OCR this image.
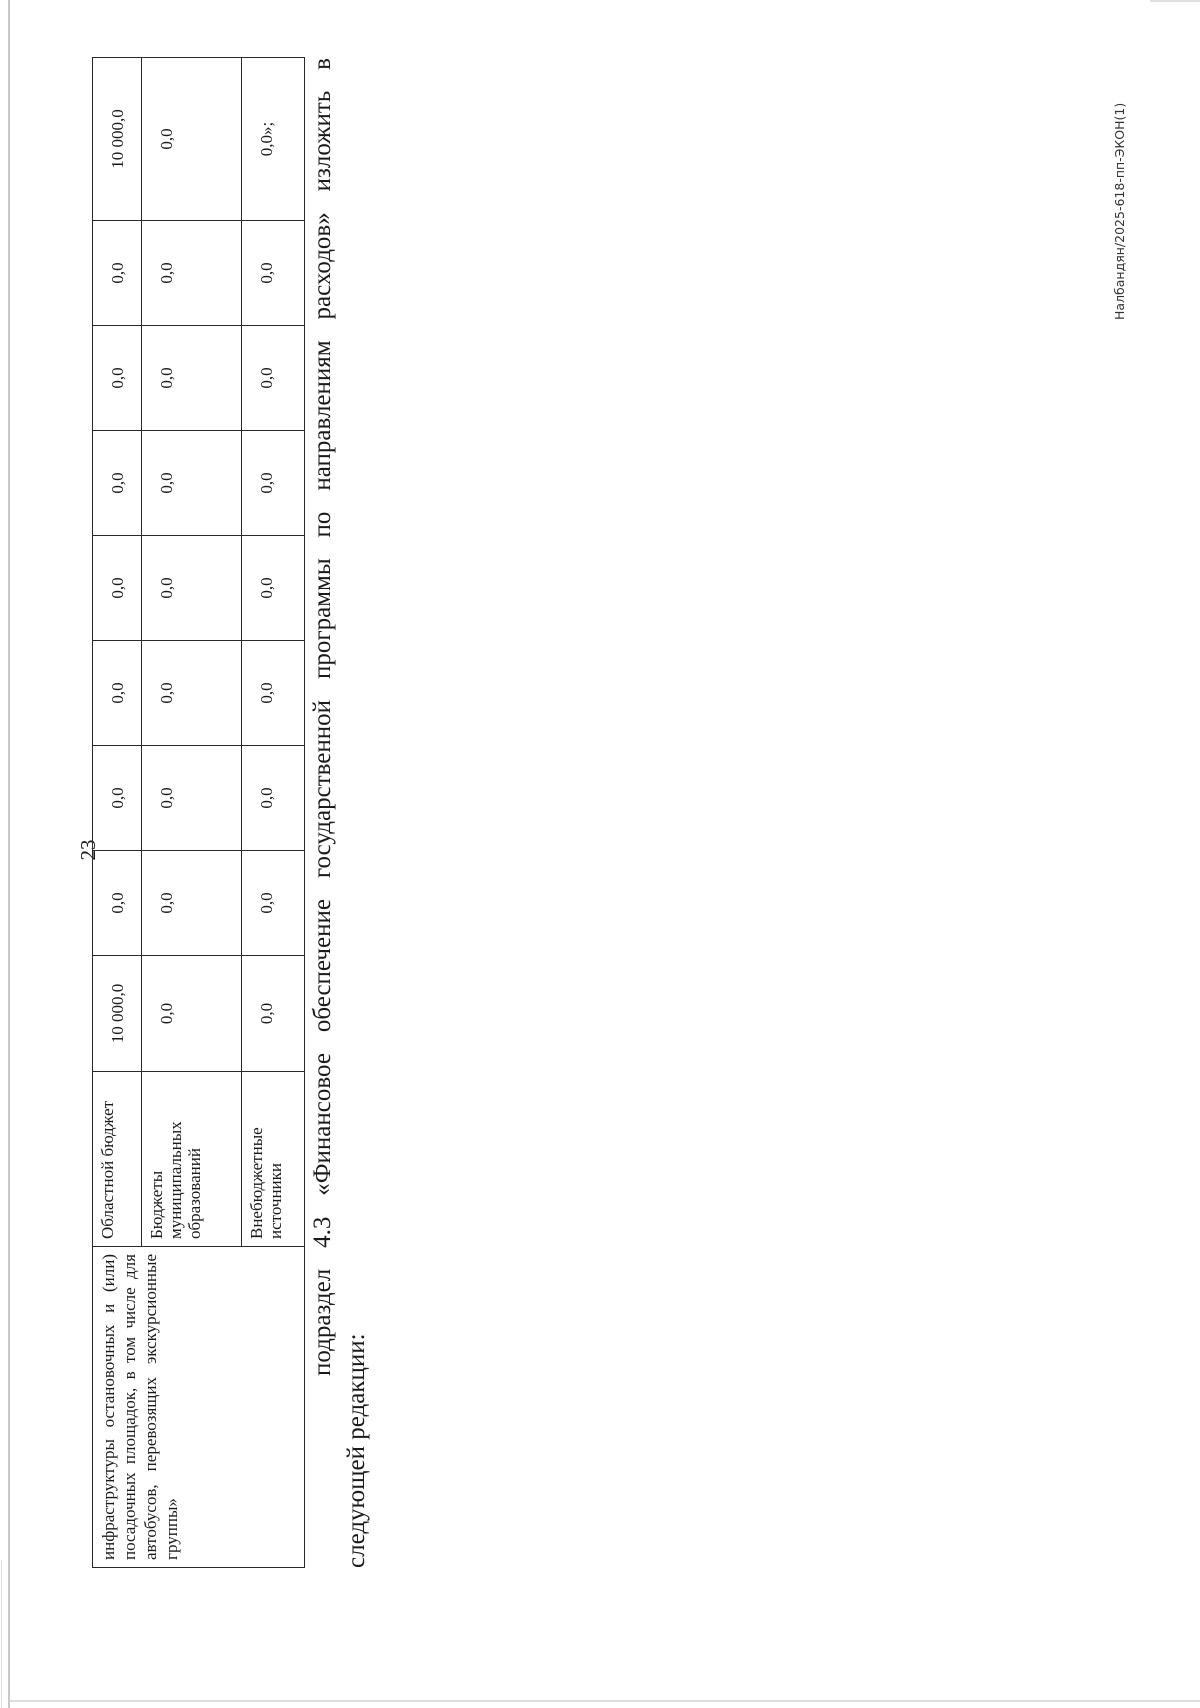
23
инфраструктуры остановочных и (или) посадочных площадок, в том числе для автобусов, перевозящих экскурсионные группы»	Областной бюджет	10 000,0	0,0	0,0	0,0	0,0	0,0	0,0	0,0	10 000,0
	Бюджеты муниципальных образований	0,0	0,0	0,0	0,0	0,0	0,0	0,0	0,0	0,0
	Внебюджетные источники	0,0	0,0	0,0	0,0	0,0	0,0	0,0	0,0	0,0»; подраздел 4.3 «Финансовое обеспечение государственной программы по направлениям расходов» изложить в
следующей редакции:
Налбандян/2025-618-пп-ЭКОН(1)
